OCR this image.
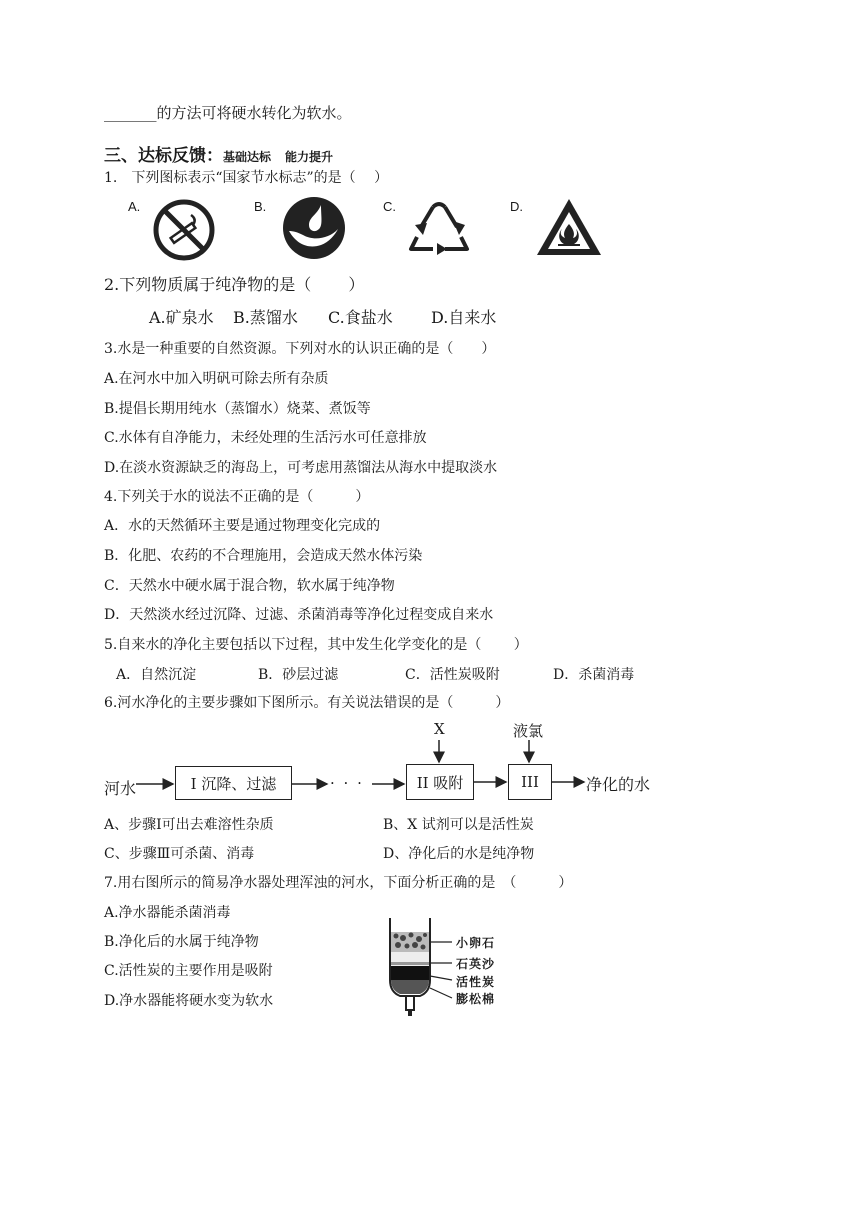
_______的方法可将硬水转化为软水。
三、达标反馈：基础达标 能力提升
1.　下列图标表示“国家节水标志”的是（　 ）
A.	B.	C.	D.
2.下列物质属于纯净物的是（　　 ）
A.矿泉水 B.蒸馏水 C.食盐水 D.自来水
3.水是一种重要的自然资源。下列对水的认识正确的是（　　）
A.在河水中加入明矾可除去所有杂质
B.提倡长期用纯水（蒸馏水）烧菜、煮饭等
C.水体有自净能力，未经处理的生活污水可任意排放
D.在淡水资源缺乏的海岛上，可考虑用蒸馏法从海水中提取淡水
4.下列关于水的说法不正确的是（　　　）
A．水的天然循环主要是通过物理变化完成的
B．化肥、农药的不合理施用，会造成天然水体污染
C．天然水中硬水属于混合物，软水属于纯净物
D．天然淡水经过沉降、过滤、杀菌消毒等净化过程变成自来水
5.自来水的净化主要包括以下过程，其中发生化学变化的是（　　 ）
A．自然沉淀	B．砂层过滤	C．活性炭吸附	D．杀菌消毒
6.河水净化的主要步骤如下图所示。有关说法错误的是（　　　）
河水	I 沉降、过滤	· · ·	II 吸附	III	净化的水
X	液氯
A、步骤Ⅰ可出去难溶性杂质	B、X 试剂可以是活性炭
C、步骤Ⅲ可杀菌、消毒	D、净化后的水是纯净物
7.用右图所示的简易净水器处理浑浊的河水，下面分析正确的是　（　　　）
A.净水器能杀菌消毒
B.净化后的水属于纯净物
C.活性炭的主要作用是吸附
D.净水器能将硬水变为软水
小卵石
石英沙
活性炭
膨松棉
